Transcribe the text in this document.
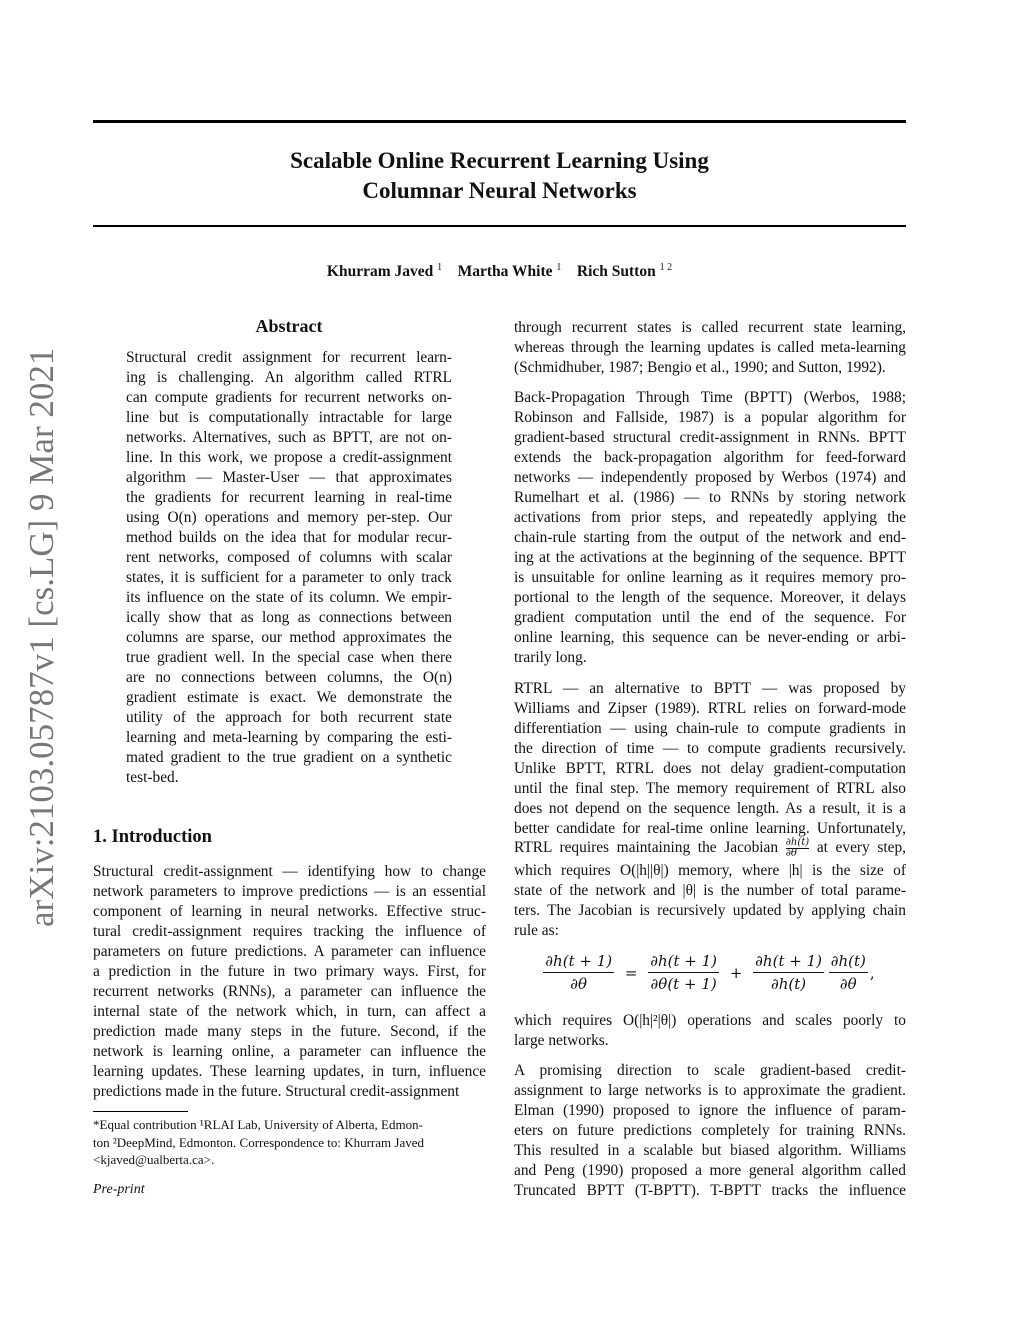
Scalable Online Recurrent Learning Using
Columnar Neural Networks
Khurram Javed $^1$ Martha White $^1$ Rich Sutton $^{1 2}$
arXiv:2103.05787v1 [cs.LG] 9 Mar 2021
Abstract
Structural credit assignment for recurrent learn-
ing is challenging. An algorithm called RTRL
can compute gradients for recurrent networks on-
line but is computationally intractable for large
networks. Alternatives, such as BPTT, are not on-
line. In this work, we propose a credit-assignment
algorithm — Master-User — that approximates
the gradients for recurrent learning in real-time
using O(n) operations and memory per-step. Our
method builds on the idea that for modular recur-
rent networks, composed of columns with scalar
states, it is sufficient for a parameter to only track
its influence on the state of its column. We empir-
ically show that as long as connections between
columns are sparse, our method approximates the
true gradient well. In the special case when there
are no connections between columns, the O(n)
gradient estimate is exact. We demonstrate the
utility of the approach for both recurrent state
learning and meta-learning by comparing the esti-
mated gradient to the true gradient on a synthetic
test-bed.
1. Introduction
Structural credit-assignment — identifying how to change
network parameters to improve predictions — is an essential
component of learning in neural networks. Effective struc-
tural credit-assignment requires tracking the influence of
parameters on future predictions. A parameter can influence
a prediction in the future in two primary ways. First, for
recurrent networks (RNNs), a parameter can influence the
internal state of the network which, in turn, can affect a
prediction made many steps in the future. Second, if the
network is learning online, a parameter can influence the
learning updates. These learning updates, in turn, influence
predictions made in the future. Structural credit-assignment
*Equal contribution ¹RLAI Lab, University of Alberta, Edmon-
ton ²DeepMind, Edmonton. Correspondence to: Khurram Javed
<kjaved@ualberta.ca>.
Pre-print
through recurrent states is called recurrent state learning,
whereas through the learning updates is called meta-learning
(Schmidhuber, 1987; Bengio et al., 1990; and Sutton, 1992).
Back-Propagation Through Time (BPTT) (Werbos, 1988;
Robinson and Fallside, 1987) is a popular algorithm for
gradient-based structural credit-assignment in RNNs. BPTT
extends the back-propagation algorithm for feed-forward
networks — independently proposed by Werbos (1974) and
Rumelhart et al. (1986) — to RNNs by storing network
activations from prior steps, and repeatedly applying the
chain-rule starting from the output of the network and end-
ing at the activations at the beginning of the sequence. BPTT
is unsuitable for online learning as it requires memory pro-
portional to the length of the sequence. Moreover, it delays
gradient computation until the end of the sequence. For
online learning, this sequence can be never-ending or arbi-
trarily long.
RTRL — an alternative to BPTT — was proposed by
Williams and Zipser (1989). RTRL relies on forward-mode
differentiation — using chain-rule to compute gradients in
the direction of time — to compute gradients recursively.
Unlike BPTT, RTRL does not delay gradient-computation
until the final step. The memory requirement of RTRL also
does not depend on the sequence length. As a result, it is a
better candidate for real-time online learning. Unfortunately,
RTRL requires maintaining the Jacobian $\frac{\partial h(t)}{\partial\theta}$ at every step,
which requires O(|h||θ|) memory, where |h| is the size of
state of the network and |θ| is the number of total parame-
ters. The Jacobian is recursively updated by applying chain
rule as:
$\frac{\partial h(t + 1)}{\partial\theta} = \frac{\partial h(t + 1)}{\partial\theta(t + 1)} + \frac{\partial h(t + 1)}{\partial h(t)}$
$\frac{\partial h(t)}{\partial\theta}$ ,
which requires O(|h|²|θ|) operations and scales poorly to
large networks.
A promising direction to scale gradient-based credit-
assignment to large networks is to approximate the gradient.
Elman (1990) proposed to ignore the influence of param-
eters on future predictions completely for training RNNs.
This resulted in a scalable but biased algorithm. Williams
and Peng (1990) proposed a more general algorithm called
Truncated BPTT (T-BPTT). T-BPTT tracks the influence
